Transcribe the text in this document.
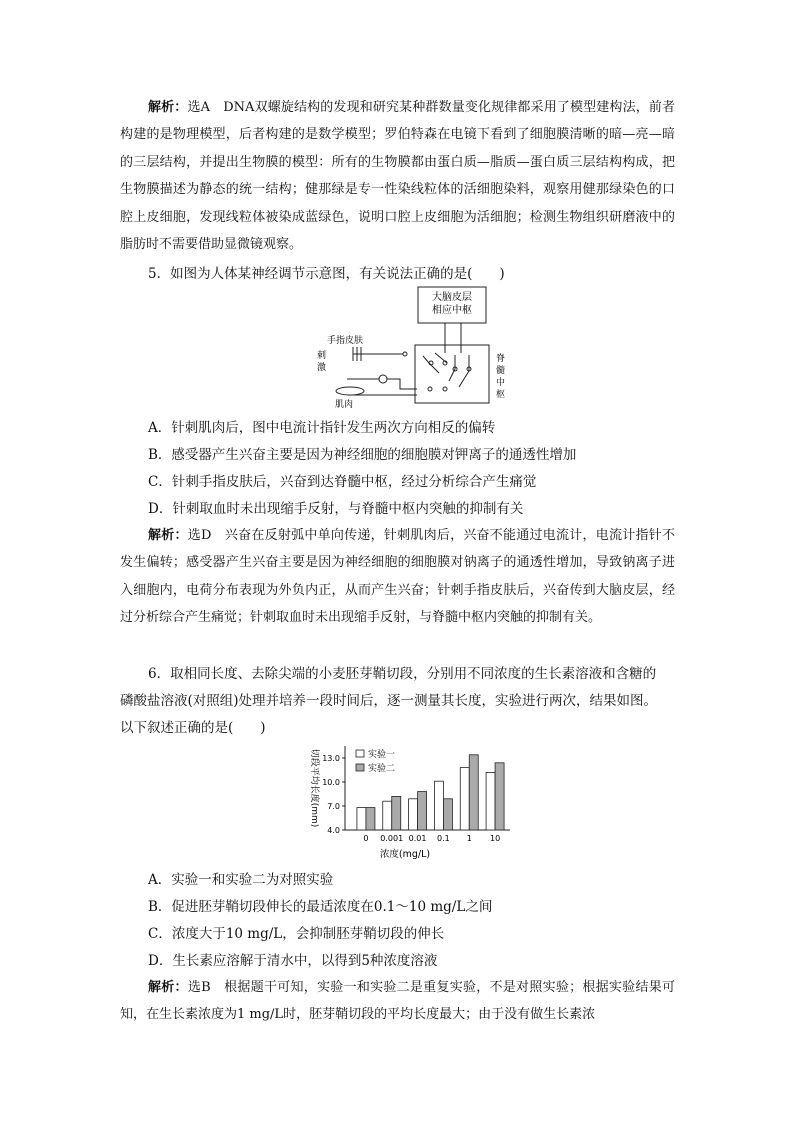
解析：选A　DNA双螺旋结构的发现和研究某种群数量变化规律都采用了模型建构法，前者构建的是物理模型，后者构建的是数学模型；罗伯特森在电镜下看到了细胞膜清晰的暗—亮—暗的三层结构，并提出生物膜的模型：所有的生物膜都由蛋白质—脂质—蛋白质三层结构构成，把生物膜描述为静态的统一结构；健那绿是专一性染线粒体的活细胞染料，观察用健那绿染色的口腔上皮细胞，发现线粒体被染成蓝绿色，说明口腔上皮细胞为活细胞；检测生物组织研磨液中的脂肪时不需要借助显微镜观察。
5．如图为人体某神经调节示意图，有关说法正确的是(　　)
大脑皮层
相应中枢
手指皮肤
刺
激
肌肉
脊
髓
中
枢
A．针刺肌肉后，图中电流计指针发生两次方向相反的偏转
B．感受器产生兴奋主要是因为神经细胞的细胞膜对钾离子的通透性增加
C．针刺手指皮肤后，兴奋到达脊髓中枢，经过分析综合产生痛觉
D．针刺取血时未出现缩手反射，与脊髓中枢内突触的抑制有关
解析：选D　兴奋在反射弧中单向传递，针刺肌肉后，兴奋不能通过电流计，电流计指针不发生偏转；感受器产生兴奋主要是因为神经细胞的细胞膜对钠离子的通透性增加，导致钠离子进入细胞内，电荷分布表现为外负内正，从而产生兴奋；针刺手指皮肤后，兴奋传到大脑皮层，经过分析综合产生痛觉；针刺取血时未出现缩手反射，与脊髓中枢内突触的抑制有关。
6．取相同长度、去除尖端的小麦胚芽鞘切段，分别用不同浓度的生长素溶液和含糖的
磷酸盐溶液(对照组)处理并培养一段时间后，逐一测量其长度，实验进行两次，结果如图。
以下叙述正确的是(　　)
4.0
7.0
10.0
13.0
0 0.001 0.01 0.1 1 10
实验一
实验二
切段平均长度(mm)
浓度(mg/L)
A．实验一和实验二为对照实验
B．促进胚芽鞘切段伸长的最适浓度在0.1～10 mg/L之间
C．浓度大于10 mg/L，会抑制胚芽鞘切段的伸长
D．生长素应溶解于清水中，以得到5种浓度溶液
解析：选B　根据题干可知，实验一和实验二是重复实验，不是对照实验；根据实验结果可知，在生长素浓度为1 mg/L时，胚芽鞘切段的平均长度最大；由于没有做生长素浓
